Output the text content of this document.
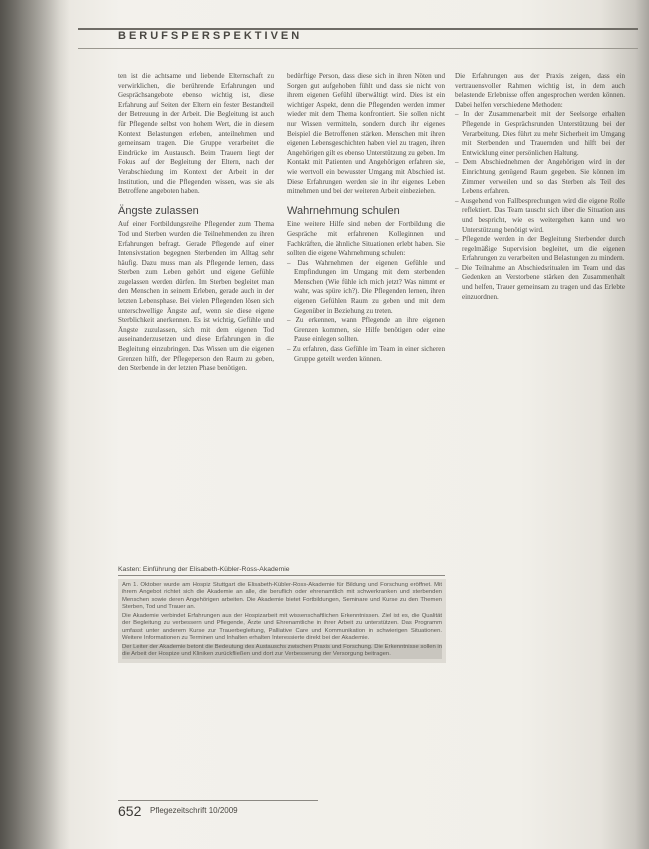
BERUFSPERSPEKTIVEN

ten ist die achtsame und liebende Elternschaft zu verwirklichen, die berührende Erfahrungen und Gesprächsangebote ebenso wichtig ist, diese Erfahrung auf Seiten der Eltern ein fester Bestandteil der Betreuung in der Arbeit. Die Begleitung ist auch für Pflegende selbst von hohem Wert, die in diesem Kontext Belastungen erleben, anteilnehmen und gemeinsam tragen. Die Gruppe verarbeitet die Eindrücke im Austausch. Beim Trauern liegt der Fokus auf der Begleitung der Eltern, nach der Verabschiedung im Kontext der Arbeit in der Institution, und die Pflegenden wissen, was sie als Betroffene angeboten haben.

Ängste zulassen

Auf einer Fortbildungsreihe Pflegender zum Thema Tod und Sterben wurden die Teilnehmenden zu ihren Erfahrungen befragt. Gerade Pflegende auf einer Intensivstation begegnen Sterbenden im Alltag sehr häufig. Dazu muss man als Pflegende lernen, dass Sterben zum Leben gehört und eigene Gefühle zugelassen werden dürfen. Im Sterben begleitet man den Menschen in seinem Erleben, gerade auch in der letzten Lebensphase. Bei vielen Pflegenden lösen sich unterschwellige Ängste auf, wenn sie diese eigene Sterblichkeit anerkennen. Es ist wichtig, Gefühle und Ängste zuzulassen, sich mit dem eigenen Tod auseinanderzusetzen und diese Erfahrungen in die Begleitung einzubringen. Das Wissen um die eigenen Grenzen hilft, der Pflegeperson den Raum zu geben, den Sterbende in der letzten Phase benötigen.

bedürftige Person, dass diese sich in ihren Nöten und Sorgen gut aufgehoben fühlt und dass sie nicht von ihrem eigenen Gefühl überwältigt wird. Dies ist ein wichtiger Aspekt, denn die Pflegenden werden immer wieder mit dem Thema konfrontiert. Sie sollen nicht nur Wissen vermitteln, sondern durch ihr eigenes Beispiel die Betroffenen stärken. Menschen mit ihren eigenen Lebensgeschichten haben viel zu tragen, ihren Angehörigen gilt es ebenso Unterstützung zu geben. Im Kontakt mit Patienten und Angehörigen erfahren sie, wie wertvoll ein bewusster Umgang mit Abschied ist. Diese Erfahrungen werden sie in ihr eigenes Leben mitnehmen und bei der weiteren Arbeit einbeziehen.

Wahrnehmung schulen

Eine weitere Hilfe sind neben der Fortbildung die Gespräche mit erfahrenen Kolleginnen und Fachkräften, die ähnliche Situationen erlebt haben. Sie sollten die eigene Wahrnehmung schulen:

– Das Wahrnehmen der eigenen Gefühle und Empfindungen im Umgang mit dem sterbenden Menschen (Wie fühle ich mich jetzt? Was nimmt er wahr, was spüre ich?). Die Pflegenden lernen, ihren eigenen Gefühlen Raum zu geben und mit dem Gegenüber in Beziehung zu treten.
– Zu erkennen, wann Pflegende an ihre eigenen Grenzen kommen, sie Hilfe benötigen oder eine Pause einlegen sollten.
– Zu erfahren, dass Gefühle im Team in einer sicheren Gruppe geteilt werden können.

Die Erfahrungen aus der Praxis zeigen, dass ein vertrauensvoller Rahmen wichtig ist, in dem auch belastende Erlebnisse offen angesprochen werden können. Dabei helfen verschiedene Methoden:

– In der Zusammenarbeit mit der Seelsorge erhalten Pflegende in Gesprächsrunden Unterstützung bei der Verarbeitung. Dies führt zu mehr Sicherheit im Umgang mit Sterbenden und Trauernden und hilft bei der Entwicklung einer persönlichen Haltung.
– Dem Abschiednehmen der Angehörigen wird in der Einrichtung genügend Raum gegeben. Sie können im Zimmer verweilen und so das Sterben als Teil des Lebens erfahren.
– Ausgehend von Fallbesprechungen wird die eigene Rolle reflektiert. Das Team tauscht sich über die Situation aus und bespricht, wie es weitergehen kann und wo Unterstützung benötigt wird.
– Pflegende werden in der Begleitung Sterbender durch regelmäßige Supervision begleitet, um die eigenen Erfahrungen zu verarbeiten und Belastungen zu mindern.
– Die Teilnahme an Abschiedsritualen im Team und das Gedenken an Verstorbene stärken den Zusammenhalt und helfen, Trauer gemeinsam zu tragen und das Erlebte einzuordnen.
Kasten: Einführung der Elisabeth-Kübler-Ross-Akademie

Am 1. Oktober wurde am Hospiz Stuttgart die Elisabeth-Kübler-Ross-Akademie für Bildung und Forschung eröffnet. Mit ihrem Angebot richtet sich die Akademie an alle, die beruflich oder ehrenamtlich mit schwerkranken und sterbenden Menschen sowie deren Angehörigen arbeiten. Die Akademie bietet Fortbildungen, Seminare und Kurse zu den Themen Sterben, Tod und Trauer an.

Die Akademie verbindet Erfahrungen aus der Hospizarbeit mit wissenschaftlichen Erkenntnissen. Ziel ist es, die Qualität der Begleitung zu verbessern und Pflegende, Ärzte und Ehrenamtliche in ihrer Arbeit zu unterstützen. Das Programm umfasst unter anderem Kurse zur Trauerbegleitung, Palliative Care und Kommunikation in schwierigen Situationen. Weitere Informationen zu Terminen und Inhalten erhalten Interessierte direkt bei der Akademie.

Der Leiter der Akademie betont die Bedeutung des Austauschs zwischen Praxis und Forschung. Die Erkenntnisse sollen in die Arbeit der Hospize und Kliniken zurückfließen und dort zur Verbesserung der Versorgung beitragen.

652 Pflegezeitschrift 10/2009
